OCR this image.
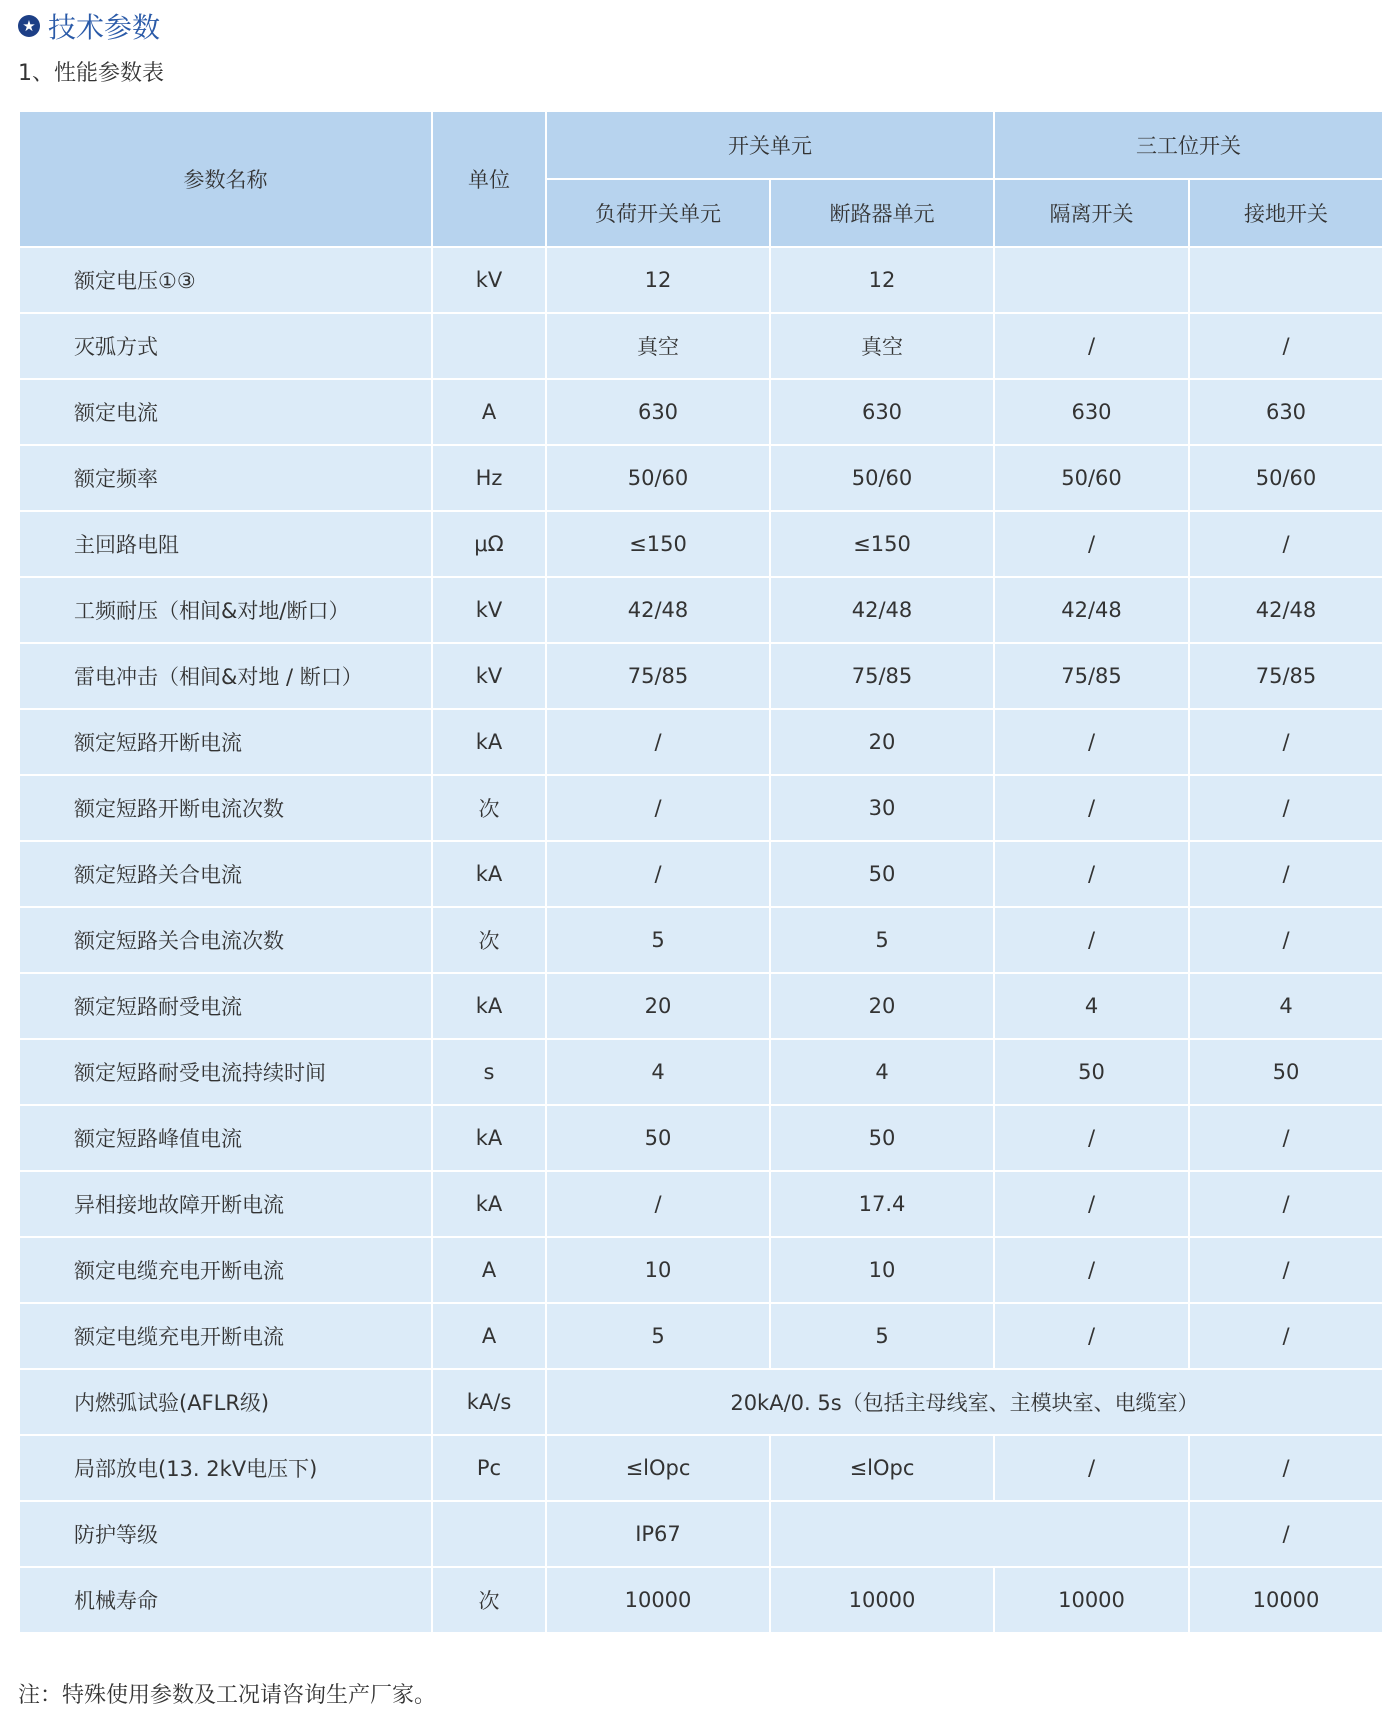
★ 技术参数
1、性能参数表
参数名称	单位	开关单元		三工位开关	
		负荷开关单元	断路器单元	隔离开关	接地开关
额定电压①③	kV	12	12		
灭弧方式		真空	真空	/	/
额定电流	A	630	630	630	630
额定频率	Hz	50/60	50/60	50/60	50/60
主回路电阻	μΩ	≤150	≤150	/	/
工频耐压（相间&对地/断口）	kV	42/48	42/48	42/48	42/48
雷电冲击（相间&对地 / 断口）	kV	75/85	75/85	75/85	75/85
额定短路开断电流	kA	/	20	/	/
额定短路开断电流次数	次	/	30	/	/
额定短路关合电流	kA	/	50	/	/
额定短路关合电流次数	次	5	5	/	/
额定短路耐受电流	kA	20	20	4	4
额定短路耐受电流持续时间	s	4	4	50	50
额定短路峰值电流	kA	50	50	/	/
异相接地故障开断电流	kA	/	17.4	/	/
额定电缆充电开断电流	A	10	10	/	/
额定电缆充电开断电流	A	5	5	/	/
内燃弧试验(AFLR级)	kA/s	20kA/0. 5s（包括主母线室、主模块室、电缆室）			
局部放电(13. 2kV电压下)	Pc	≤lOpc	≤lOpc	/	/
防护等级		IP67			/
机械寿命	次	10000	10000	10000	10000
注：特殊使用参数及工况请咨询生产厂家。
